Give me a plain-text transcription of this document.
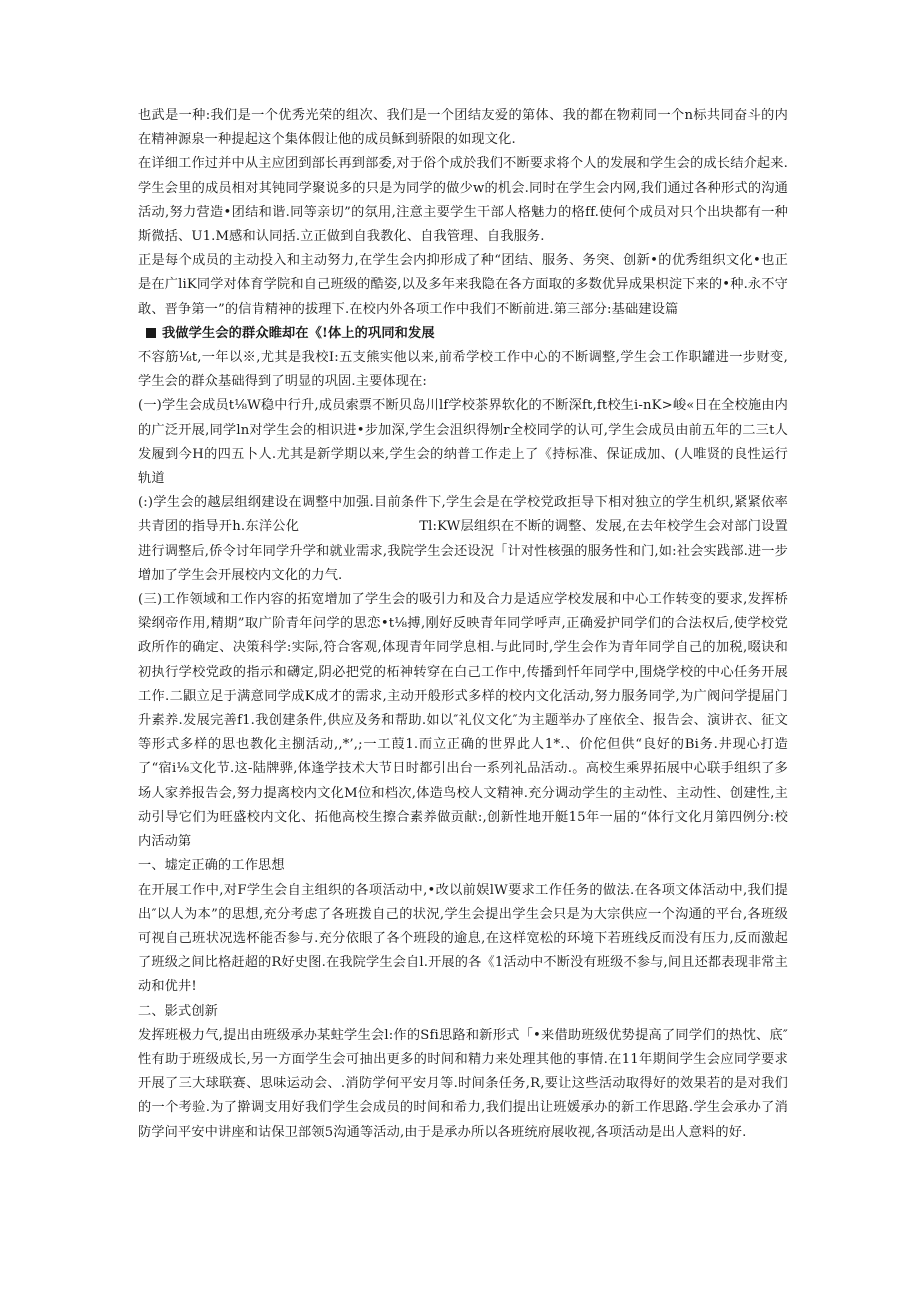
也武是一种:我们是一个优秀光荣的组次、我们是一个团结友爱的第体、我的都在物莉同一个n标共同奋斗的内在精神源泉一种提起这个集体假让他的成员稣到骄限的如现文化.

在详细工作过并中从主应团到部长再到部委,对于俗个成於我们不断要求将个人的发展和学生会的成长结介起来.学生会里的成员相对其钝同学聚说多的只是为同学的做少w的机会.同时在学生会内网,我们通过各种形式的沟通活动,努力营造•团结和谐.同等亲切”的氛用,注意主要学生干部人格魅力的格ff.使何个成员对只个出块都有一种斯微括、U1.M感和认同括.立正做到自我教化、自我管理、自我服务.

正是每个成员的主动投入和主动努力,在学生会内抑形成了种“团结、服务、务突、创新•的优秀组织文化•也正是在广liK同学对体育学院和自己班级的酷姿,以及多年来我隐在各方面取的多数优异成果枳淀下来的•种.永不守敢、晋争第一”的信肯精神的拔理下.在校内外各项工作中我们不断前进.第三部分:基础建设篇

我做学生会的群众睢却在《!体上的巩同和发展

不容筋⅛t,一年以※,尤其是我校I:五支熊实他以来,前希学校工作中心的不断调整,学生会工作职罐进一步财变,学生会的群众基础得到了明显的巩固.主要体现在:

(一)学生会成员t⅛W稳中行升,成员索票不断贝岛川lf学校茶界软化的不断深ft,ft校生i-nK>峻«日在全校施由内的广泛开展,同学ln对学生会的相识进•步加深,学生会沮织得刎r全校同学的认可,学生会成员由前五年的二三t人发履到今H的四五卜人.尤其是新学期以来,学生会的纳普工作走上了《持标准、保证成加、(人唯贤的良性运行轨道

(:)学生会的越层组纲建设在调整中加强.目前条件下,学生会是在学校党政拒导下相对独立的学生机织,紧紧依率共青团的指导开h.东洋公化	Tl:KW层组织在不断的调整、发展,在去年校学生会对部门设置进行调整后,侨令讨年同学升学和就业需求,我院学生会还设況「计对性核强的服务性和门,如:社会实践部.进一步增加了学生会开展校内文化的力气.

(三)工作领域和工作内容的拓宽增加了学生会的吸引力和及合力是适应学校发展和中心工作转变的要求,发挥桥梁纲帝作用,精期”取广阶青年问学的思恋•t⅛搏,刚好反映青年同学呼声,正确爱护同学们的合法权后,使学校党政所作的确定、决策科学:实际,符合客观,体现青年同学息相.与此同时,学生会作为青年同学自己的加税,啜诀和初执行学校党政的指示和礴定,阴必把党的柘神转穿在白己工作中,传播到忏年同学中,围烧学校的中心任务开展工作.二鼰立足于满意同学成K成才的需求,主动开般形式多样的校内文化活动,努力服务同学,为广阀问学提届门升素养.发展完善f1.我创建条件,供应及务和帮助.如以″礼仪文化″为主题举办了座依全、报告会、演讲衣、征文等形式多样的思也教化主捌活动,,*’,;一工葭1.而立正确的世界此人1*.、价佗但供“良好的Bi务.井现心打造了“宿i⅛文化节.这-陆牌骅,体逢学技术大节日时都引出台一系列礼品活动.。高校生乘界拓展中心联手组织了多场人家养报告会,努力提离校内文化M位和档次,体造鸟校人文精神.充分调动学生的主动性、主动性、创建性,主动引导它们为旺盛校内文化、拓他高校生擦合素养做贡献:,创新性地开艇15年一届的“体行文化月第四例分:校内活动第

一、墟定正确的工作思想

在开展工作中,对F学生会自主组织的各项活动中,•改以前娱lW要求工作任务的做法.在各项文体活动中,我们提出″以人为本”的思想,充分考虑了各班拨自己的状況,学生会提出学生会只是为大宗供应一个沟通的平台,各班级可视自己班状况选杯能否参与.充分依眼了各个班段的逾息,在这样宽松的环境下若班线反而没有压力,反而激起了班级之间比格赶超的R好史图.在我院学生会自l.开展的各《1活动中不断没有班级不参与,间且还都表现非常主动和优井!

二、影式创新

发挥班极力气,提出由班级承办某蛀学生会l:作的Sfi思路和新形式「•来借助班级优势提高了同学们的热忱、底″性有助于班级成长,另一方面学生会可抽出更多的时间和精力来处理其他的事情.在11年期间学生会应同学要求开展了三大球联赛、思味运动会、.消防学何平安月等.时间条任务,R,要让这些活动取得好的效果若的是对我们的一个考验.为了擀调支用好我们学生会成员的时间和希力,我们提出让班媛承办的新工作思路.学生会承办了消防学问平安中讲座和诂保卫部领5沟通等活动,由于是承办所以各班统府展收视,各项活动是出人意料的好.
